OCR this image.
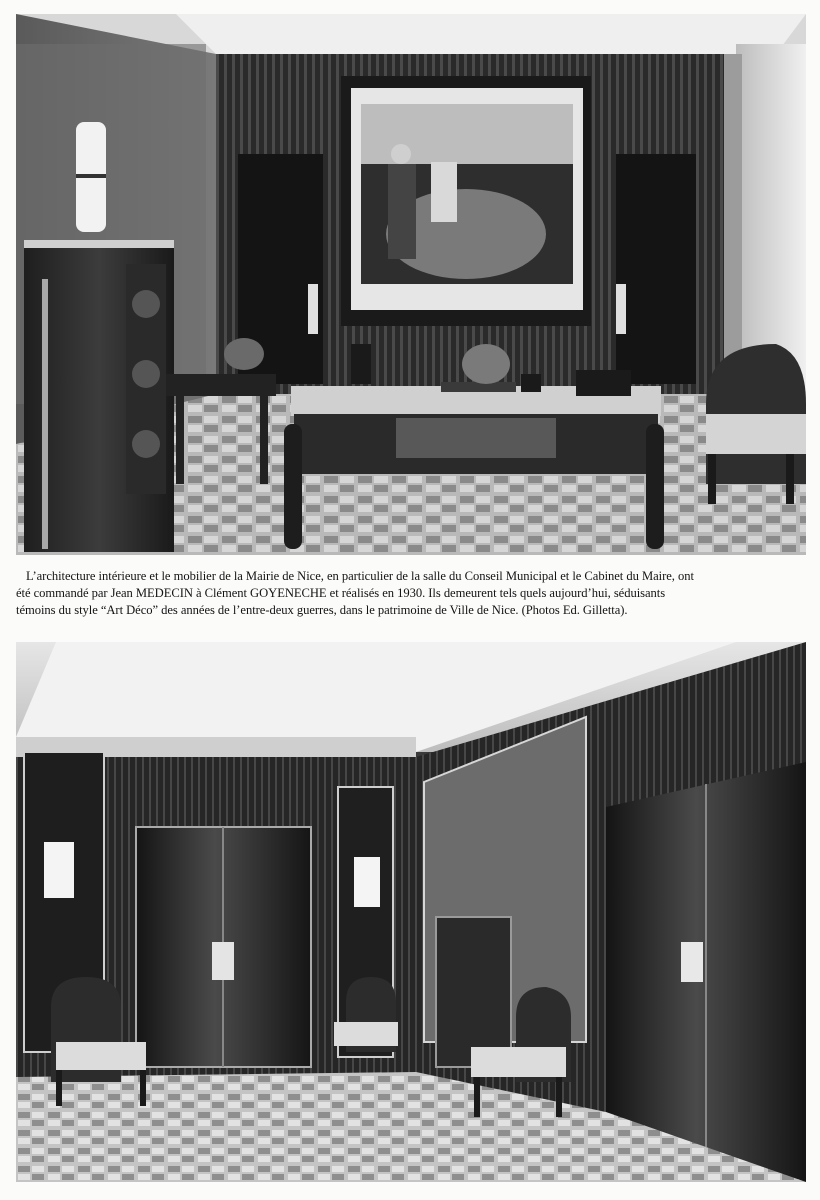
L’architecture intérieure et le mobilier de la Mairie de Nice, en particulier de la salle du Conseil Municipal et le Cabinet du Maire, ont
été commandé par Jean MEDECIN à Clément GOYENECHE et réalisés en 1930. Ils demeurent tels quels aujourd’hui, séduisants
témoins du style “Art Déco” des années de l’entre-deux guerres, dans le patrimoine de Ville de Nice. (Photos Ed. Gilletta).
